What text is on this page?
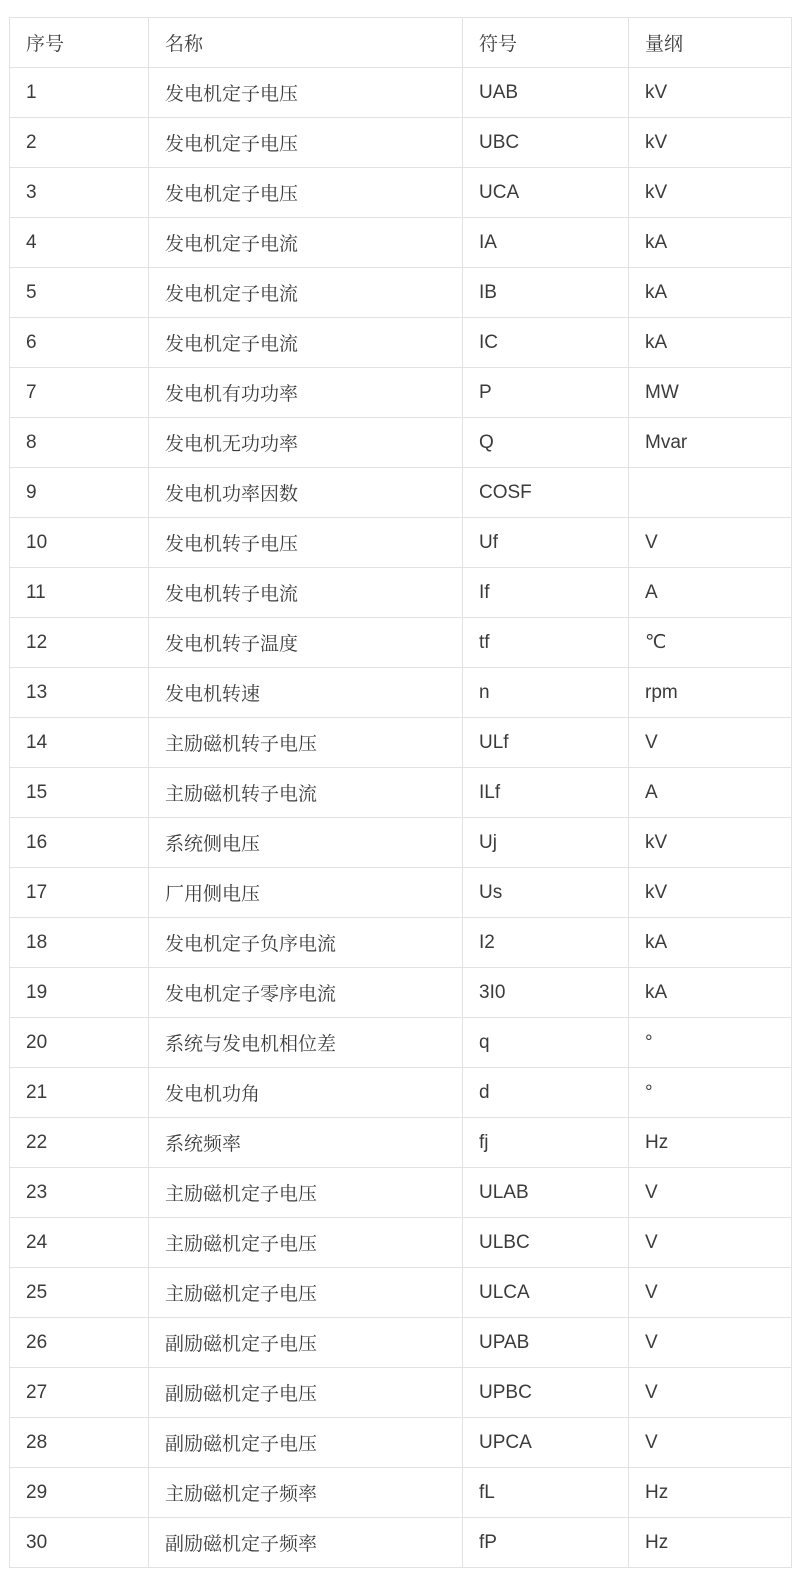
序号	名称	符号	量纲
1	发电机定子电压	UAB	kV
2	发电机定子电压	UBC	kV
3	发电机定子电压	UCA	kV
4	发电机定子电流	IA	kA
5	发电机定子电流	IB	kA
6	发电机定子电流	IC	kA
7	发电机有功功率	P	MW
8	发电机无功功率	Q	Mvar
9	发电机功率因数	COSF	
10	发电机转子电压	Uf	V
11	发电机转子电流	If	A
12	发电机转子温度	tf	℃
13	发电机转速	n	rpm
14	主励磁机转子电压	ULf	V
15	主励磁机转子电流	ILf	A
16	系统侧电压	Uj	kV
17	厂用侧电压	Us	kV
18	发电机定子负序电流	I2	kA
19	发电机定子零序电流	3I0	kA
20	系统与发电机相位差	q	°
21	发电机功角	d	°
22	系统频率	fj	Hz
23	主励磁机定子电压	ULAB	V
24	主励磁机定子电压	ULBC	V
25	主励磁机定子电压	ULCA	V
26	副励磁机定子电压	UPAB	V
27	副励磁机定子电压	UPBC	V
28	副励磁机定子电压	UPCA	V
29	主励磁机定子频率	fL	Hz
30	副励磁机定子频率	fP	Hz
